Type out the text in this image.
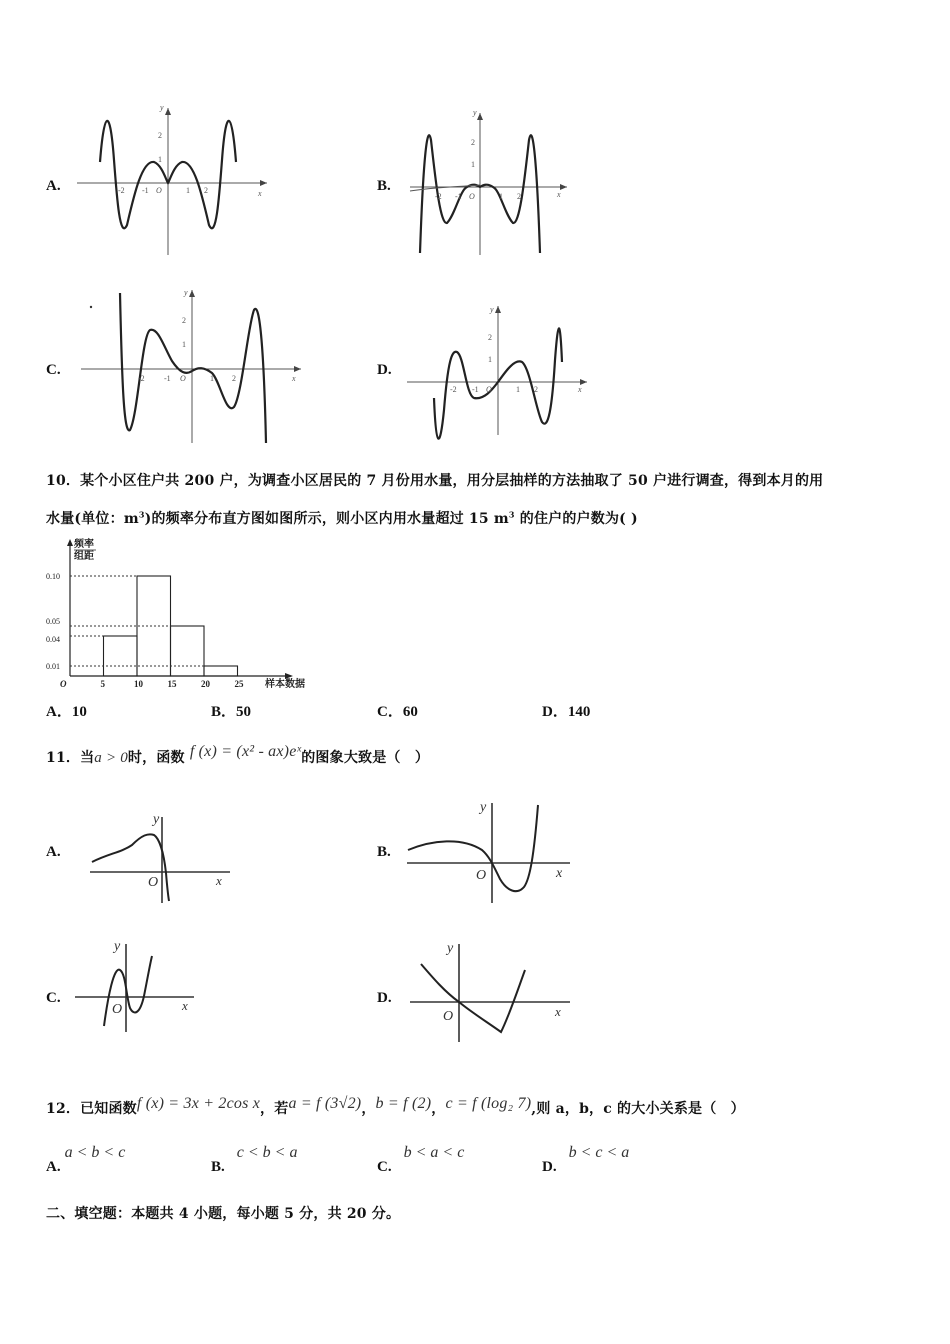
A.
y
2
1
-2 -1 O	1 2	x	B.
y
2
1
-2 -1 O	1 2	x
C.
y
2
1
-2 -1 O	1 2	x
D.
y
2
1
-2 -1 O	1 2	x
10．某个小区住户共 200 户，为调查小区居民的 7 月份用水量，用分层抽样的方法抽取了 50 户进行调查，得到本月的用
水量(单位：$m^3$)的频率分布直方图如图所示，则小区内用水量超过 15 $m^3$ 的住户的户数为( )
频率
组距
样本数据
O
0.10
0.05
0.04
0.01
5	10	15	20	25
A．10	B．50	C．60	D．140
11．当a > 0时，函数 f (x) = (x² - ax)eˣ的图象大致是（　）
A.
y
O	x
B.
y
O	x
C.
y
O	x	D.
y
O	x
12．已知函数f (x) = 3x + 2cos x，若a = f (3√2)，b = f (2)，c = f (log₂ 7),则 a，b，c 的大小关系是（　）
A.a < b < c
B.c < b < a
C.b < a < c
D.b < c < a
二、填空题：本题共 4 小题，每小题 5 分，共 20 分。
